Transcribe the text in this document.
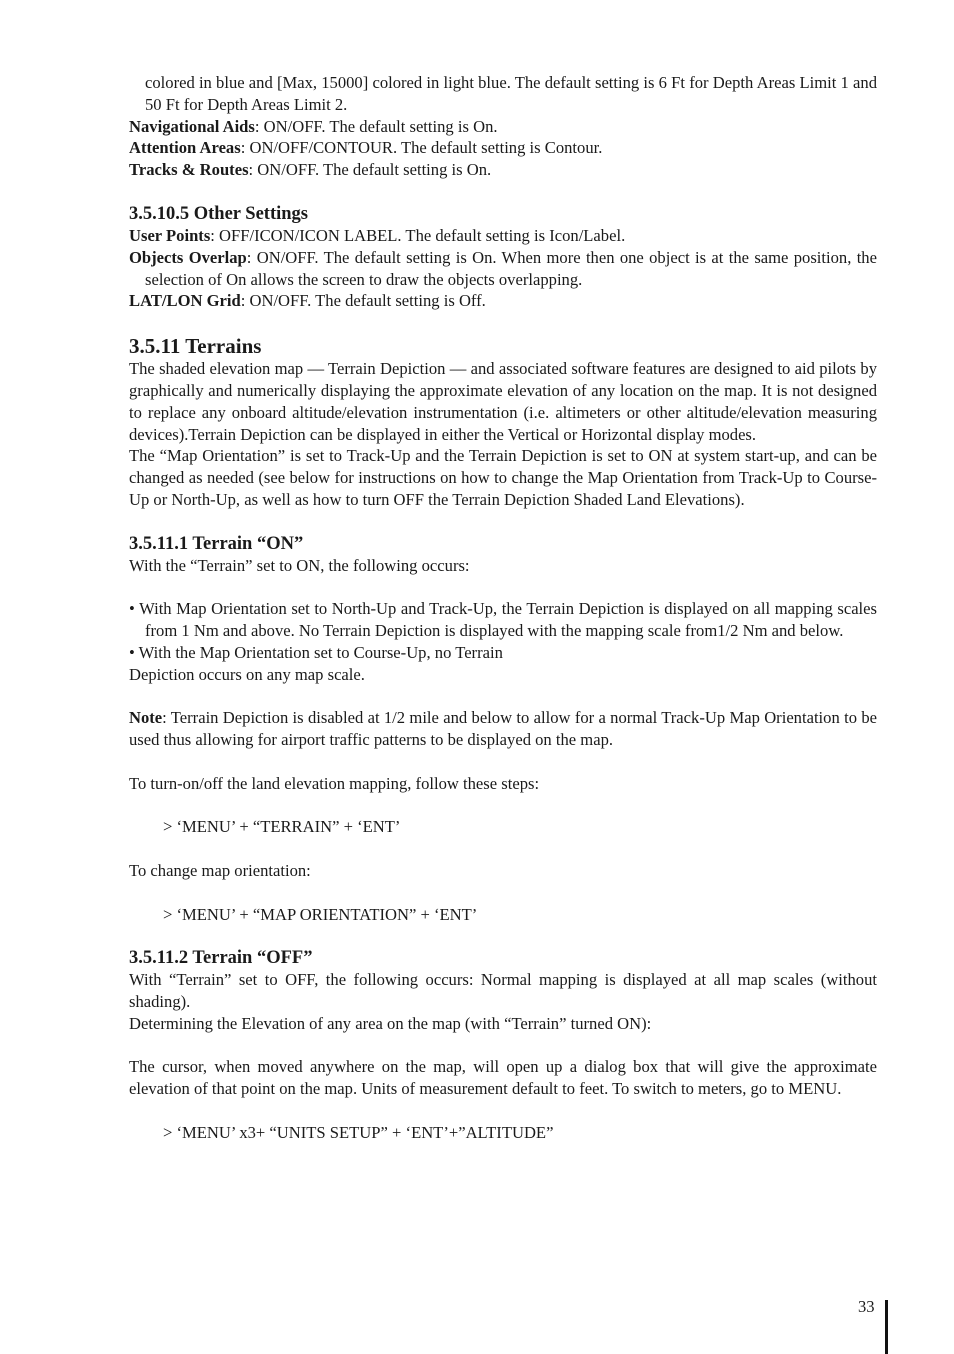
colored in blue and [Max, 15000] colored in light blue. The default setting is 6 Ft for Depth Areas Limit 1 and 50 Ft for Depth Areas Limit 2.

Navigational Aids: ON/OFF. The default setting is On.

Attention Areas: ON/OFF/CONTOUR. The default setting is Contour.

Tracks & Routes: ON/OFF. The default setting is On.

3.5.10.5 Other Settings

User Points: OFF/ICON/ICON LABEL. The default setting is Icon/Label.

Objects Overlap: ON/OFF. The default setting is On. When more then one object is at the same position, the selection of On allows the screen to draw the objects overlapping.

LAT/LON Grid: ON/OFF. The default setting is Off.

3.5.11 Terrains

The shaded elevation map — Terrain Depiction — and associated software features are designed to aid pilots by graphically and numerically displaying the approximate elevation of any location on the map. It is not designed to replace any onboard altitude/elevation instrumentation (i.e. altimeters or other altitude/elevation measuring devices).Terrain Depiction can be displayed in either the Vertical or Horizontal display modes.

The “Map Orientation” is set to Track-Up and the Terrain Depiction is set to ON at system start-up, and can be changed as needed (see below for instructions on how to change the Map Orientation from Track-Up to Course-Up or North-Up, as well as how to turn OFF the Terrain Depiction Shaded Land Elevations).

3.5.11.1 Terrain “ON”

With the “Terrain” set to ON, the following occurs:

• With Map Orientation set to North-Up and Track-Up, the Terrain Depiction is displayed on all mapping scales from 1 Nm and above. No Terrain Depiction is displayed with the mapping scale from1/2 Nm and below.

• With the Map Orientation set to Course-Up, no Terrain

Depiction occurs on any map scale.

Note: Terrain Depiction is disabled at 1/2 mile and below to allow for a normal Track-Up Map Orientation to be used thus allowing for airport traffic patterns to be displayed on the map.

To turn-on/off the land elevation mapping, follow these steps:

> ‘MENU’ + “TERRAIN” + ‘ENT’

To change map orientation:

> ‘MENU’ + “MAP ORIENTATION” + ‘ENT’

3.5.11.2 Terrain “OFF”

With “Terrain” set to OFF, the following occurs: Normal mapping is displayed at all map scales (without shading).

Determining the Elevation of any area on the map (with “Terrain” turned ON):

The cursor, when moved anywhere on the map, will open up a dialog box that will give the approximate elevation of that point on the map. Units of measurement default to feet. To switch to meters, go to MENU.

> ‘MENU’ x3+ “UNITS SETUP” + ‘ENT’+”ALTITUDE”

33
